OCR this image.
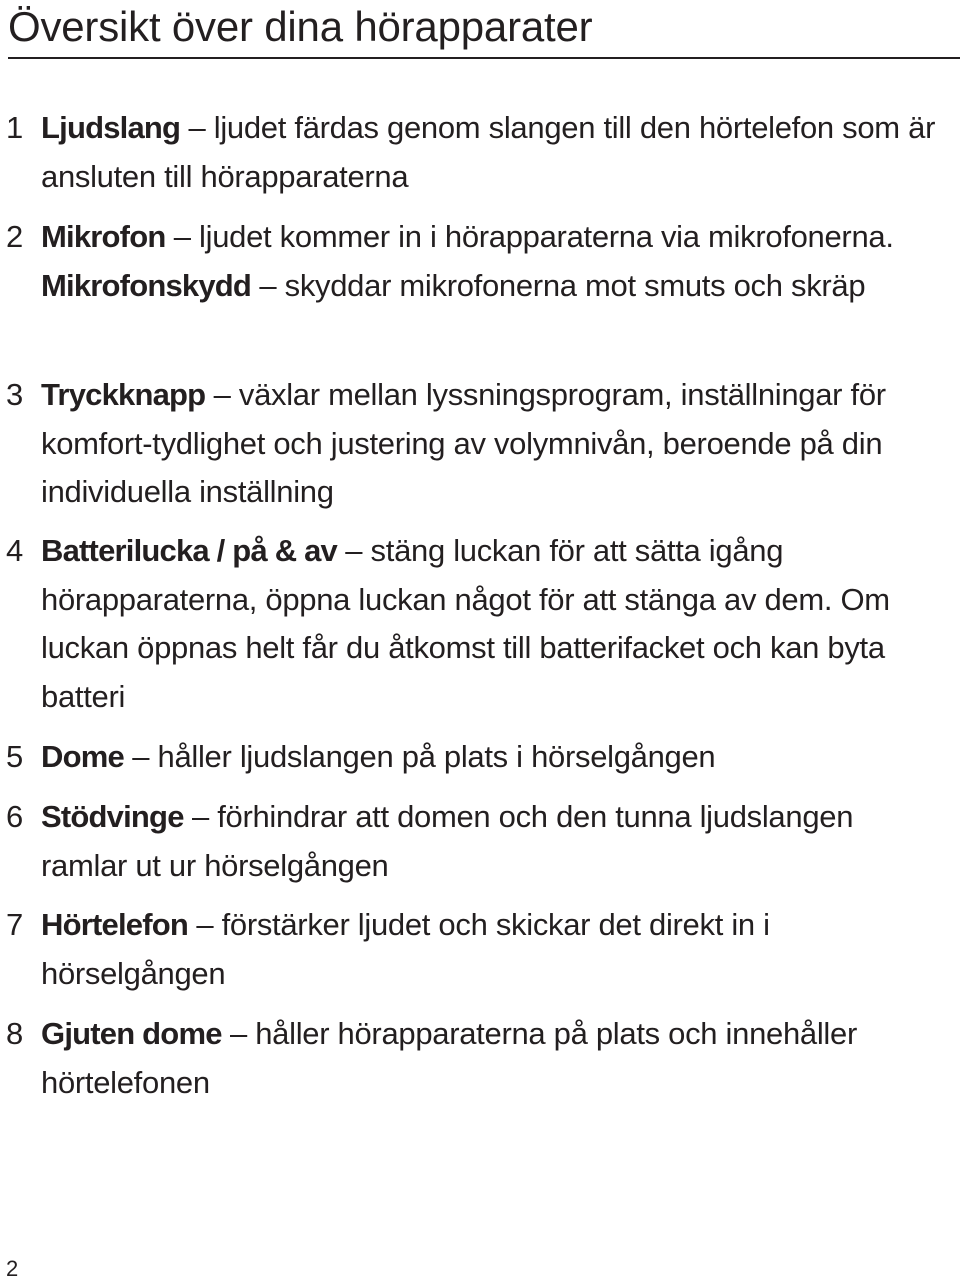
Översikt över dina hörapparater
1 Ljudslang – ljudet färdas genom slangen till den hörtelefon som är ansluten till hörapparaterna
2 Mikrofon – ljudet kommer in i hörapparaterna via mikrofonerna. Mikrofonskydd – skyddar mikrofonerna mot smuts och skräp
3 Tryckknapp – växlar mellan lyssningsprogram, inställningar för komfort-tydlighet och justering av volymnivån, beroende på din individuella inställning
4 Batterilucka / på & av – stäng luckan för att sätta igång hörapparaterna, öppna luckan något för att stänga av dem. Om luckan öppnas helt får du åtkomst till batterifacket och kan byta batteri
5 Dome – håller ljudslangen på plats i hörselgången
6 Stödvinge – förhindrar att domen och den tunna ljudslangen ramlar ut ur hörselgången
7 Hörtelefon – förstärker ljudet och skickar det direkt in i hörselgången
8 Gjuten dome – håller hörapparaterna på plats och innehåller hörtelefonen
2
